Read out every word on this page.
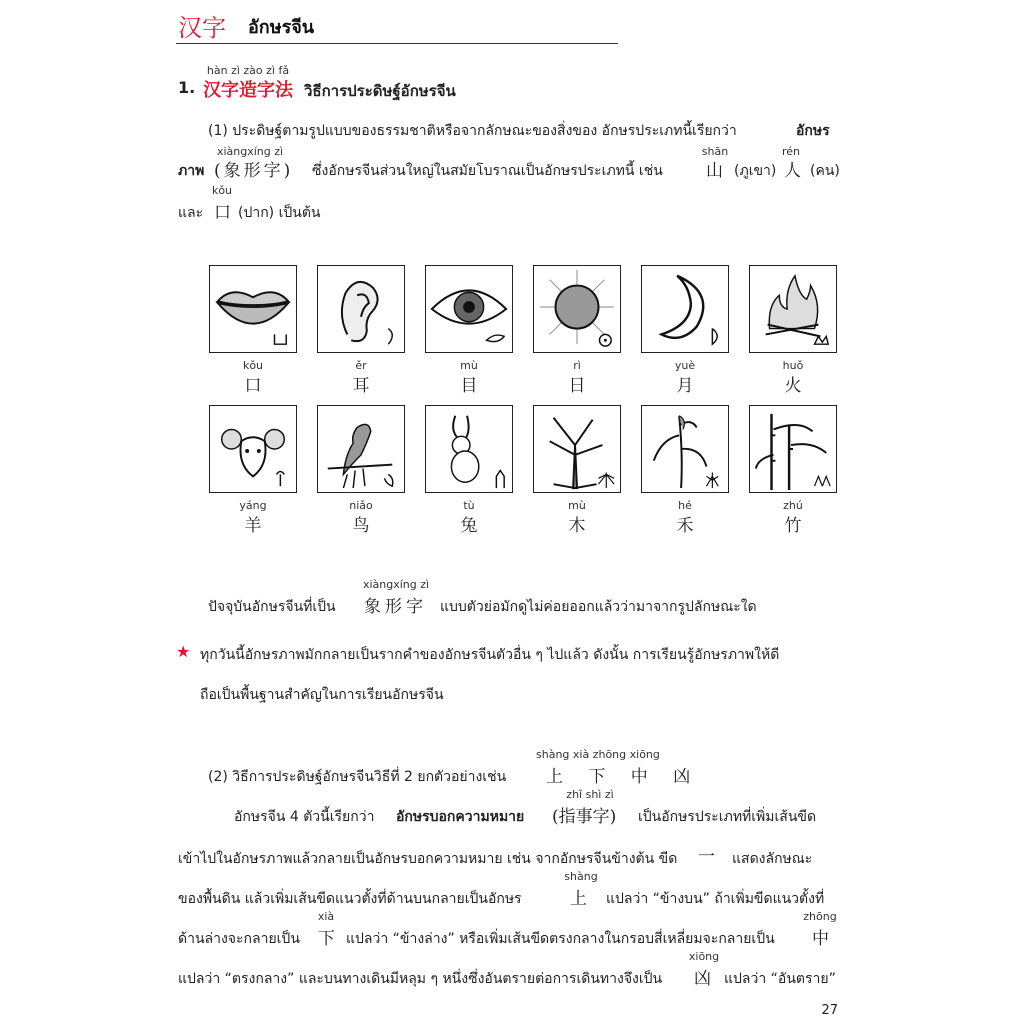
汉字 อักษรจีน
hàn zì zào zì fǎ
1. 汉字造字法 วิธีการประดิษฐ์อักษรจีน
(1) ประดิษฐ์ตามรูปแบบของธรรมชาติหรือจากลักษณะของสิ่งของ อักษรประเภทนี้เรียกว่า	อักษร
xiàngxíng zì	shān	rén
ภาพ (象形字) ซึ่งอักษรจีนส่วนใหญ่ในสมัยโบราณเป็นอักษรประเภทนี้ เช่น	山 (ภูเขา) 人 (คน)
kǒu
และ 口 (ปาก) เป็นต้น
kǒu
口
ěr
耳
mù
目
rì
日
yuè
月
huǒ
火
yáng
羊
niǎo
鸟
tù
兔
mù
木
hé
禾
zhú
竹
xiàngxíng zì
ปัจจุบันอักษรจีนที่เป็น 象形字 แบบตัวย่อมักดูไม่ค่อยออกแล้วว่ามาจากรูปลักษณะใด
★ ทุกวันนี้อักษรภาพมักกลายเป็นรากคำของอักษรจีนตัวอื่น ๆ ไปแล้ว ดังนั้น การเรียนรู้อักษรภาพให้ดี
ถือเป็นพื้นฐานสำคัญในการเรียนอักษรจีน
shàng xià zhōng xiōng
(2) วิธีการประดิษฐ์อักษรจีนวิธีที่ 2 ยกตัวอย่างเช่น 上 下 中 凶
zhǐ shì zì
อักษรจีน 4 ตัวนี้เรียกว่า อักษรบอกความหมาย (指事字) เป็นอักษรประเภทที่เพิ่มเส้นขีด
เข้าไปในอักษรภาพแล้วกลายเป็นอักษรบอกความหมาย เช่น จากอักษรจีนข้างต้น ขีด 一 แสดงลักษณะ
shàng
ของพื้นดิน แล้วเพิ่มเส้นขีดแนวตั้งที่ด้านบนกลายเป็นอักษร	上 แปลว่า “ข้างบน” ถ้าเพิ่มขีดแนวตั้งที่
xià	zhōng
ด้านล่างจะกลายเป็น 下 แปลว่า “ข้างล่าง” หรือเพิ่มเส้นขีดตรงกลางในกรอบสี่เหลี่ยมจะกลายเป็น 中
xiōng
แปลว่า “ตรงกลาง” และบนทางเดินมีหลุม ๆ หนึ่งซึ่งอันตรายต่อการเดินทางจึงเป็น 凶 แปลว่า “อันตราย”
27
